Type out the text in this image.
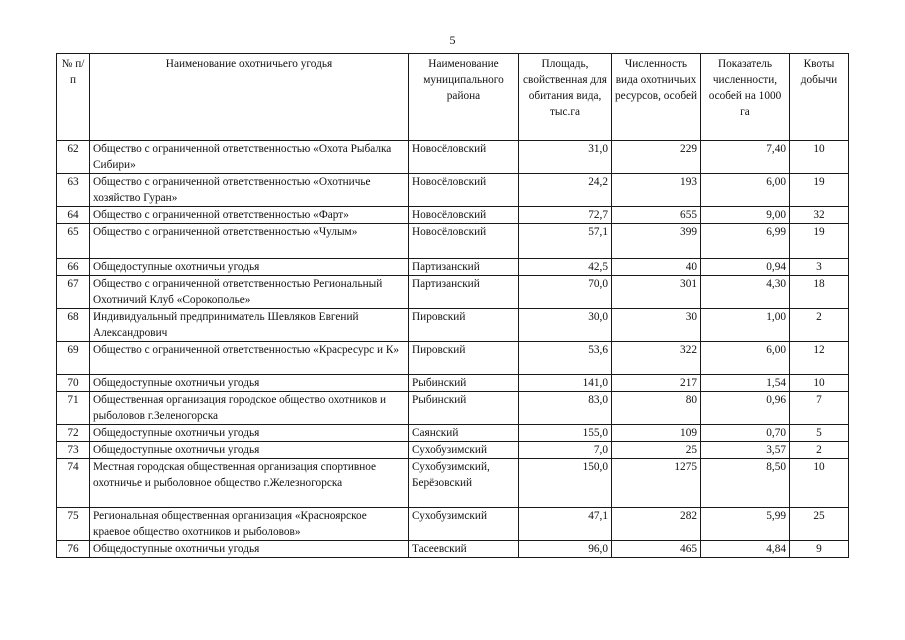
5
№ п/п	Наименование охотничьего угодья	Наименование муниципального района	Площадь, свойственная для обитания вида, тыс.га	Численность вида охотничьих ресурсов, особей	Показатель численности, особей на 1000 га	Квоты добычи
62	Общество с ограниченной ответственностью «Охота Рыбалка Сибири»	Новосёловский	31,0	229	7,40	10
63	Общество с ограниченной ответственностью «Охотничье хозяйство Гуран»	Новосёловский	24,2	193	6,00	19
64	Общество с ограниченной ответственностью «Фарт»	Новосёловский	72,7	655	9,00	32
65	Общество с ограниченной ответственностью «Чулым»	Новосёловский	57,1	399	6,99	19
66	Общедоступные охотничьи угодья	Партизанский	42,5	40	0,94	3
67	Общество с ограниченной ответственностью Региональный Охотничий Клуб «Сорокополье»	Партизанский	70,0	301	4,30	18
68	Индивидуальный предприниматель Шевляков Евгений Александрович	Пировский	30,0	30	1,00	2
69	Общество с ограниченной ответственностью «Красресурс и К»	Пировский	53,6	322	6,00	12
70	Общедоступные охотничьи угодья	Рыбинский	141,0	217	1,54	10
71	Общественная организация городское общество охотников и рыболовов г.Зеленогорска	Рыбинский	83,0	80	0,96	7
72	Общедоступные охотничьи угодья	Саянский	155,0	109	0,70	5
73	Общедоступные охотничьи угодья	Сухобузимский	7,0	25	3,57	2
74	Местная городская общественная организация спортивное охотничье и рыболовное общество г.Железногорска	Сухобузимский, Берёзовский	150,0	1275	8,50	10
75	Региональная общественная организация «Красноярское краевое общество охотников и рыболовов»	Сухобузимский	47,1	282	5,99	25
76	Общедоступные охотничьи угодья	Тасеевский	96,0	465	4,84	9
